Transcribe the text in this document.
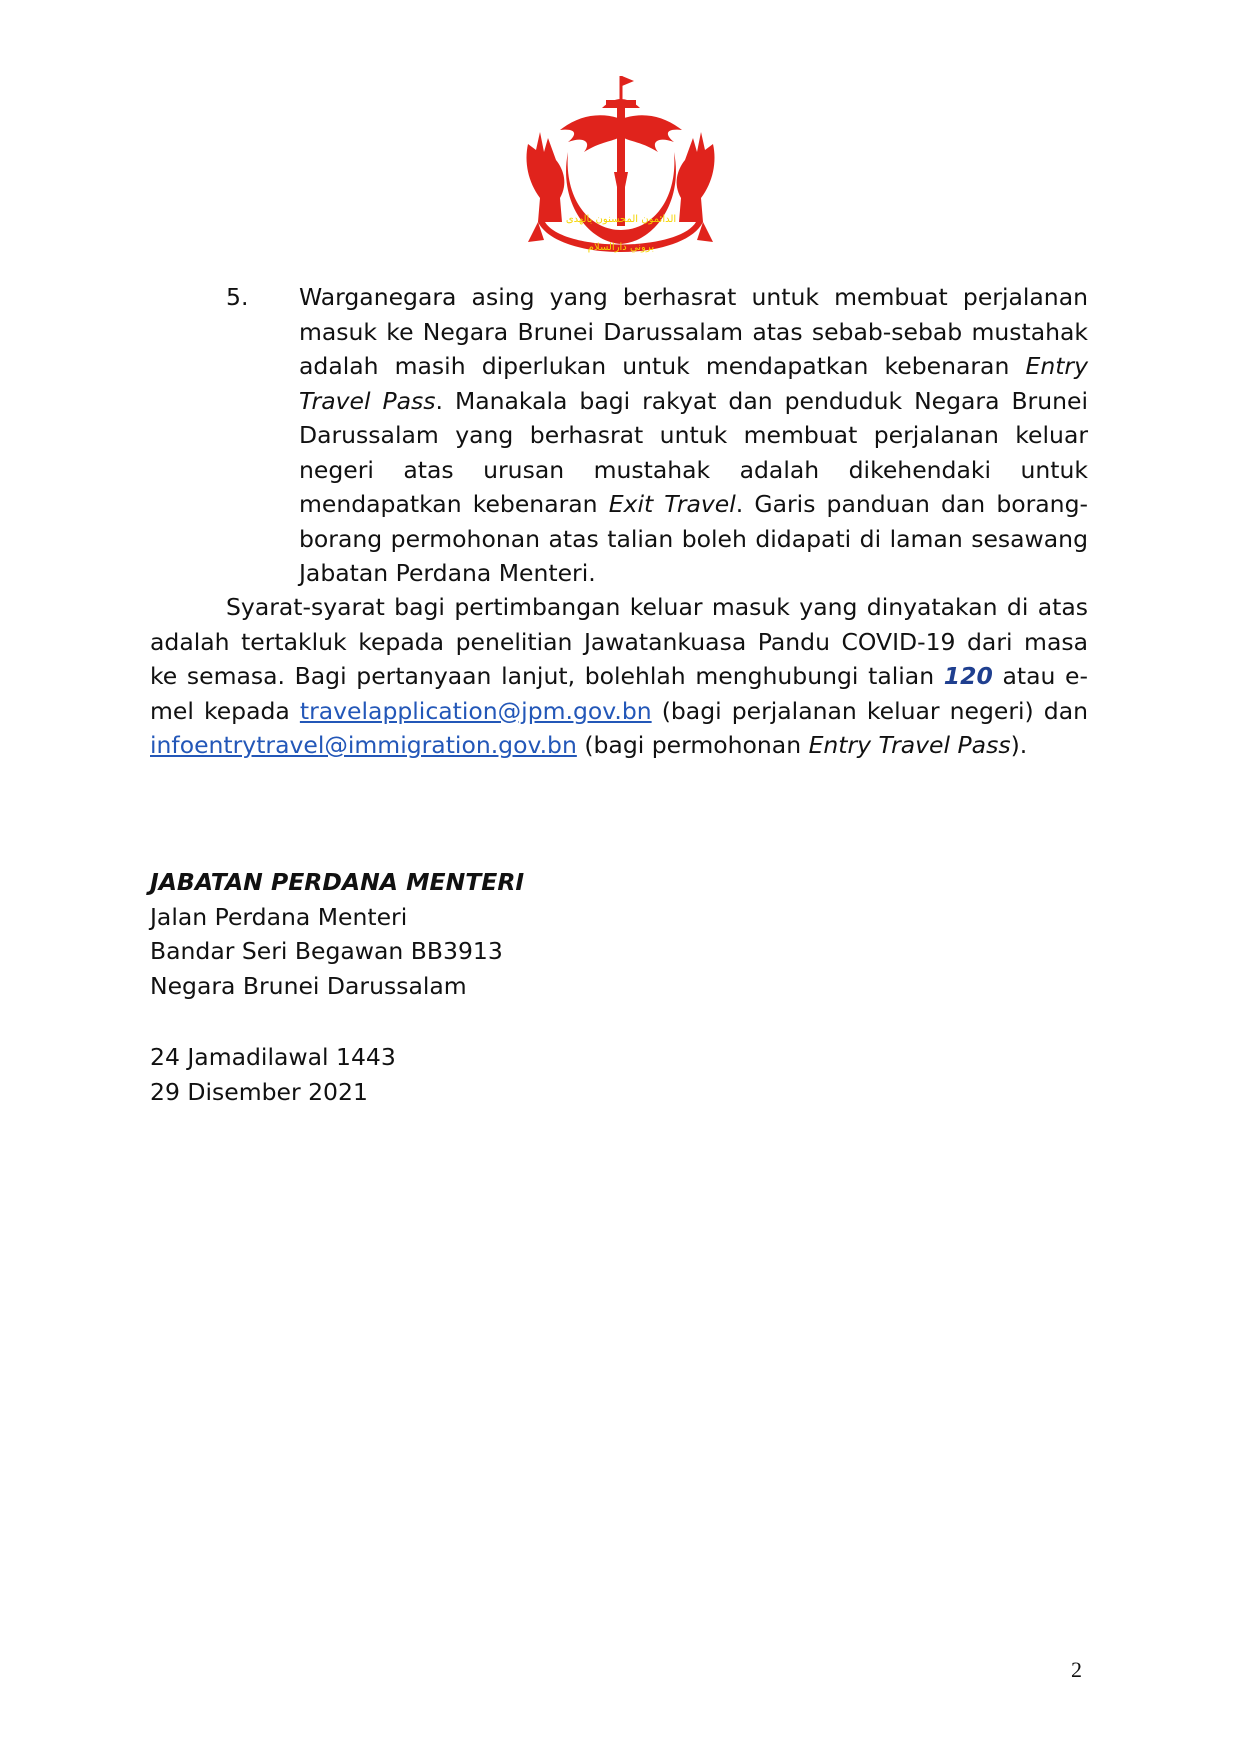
الدائمون المحسنون بالهدى
بروني دارالسلام
5. Warganegara asing yang berhasrat untuk membuat perjalanan masuk ke Negara Brunei Darussalam atas sebab-sebab mustahak adalah masih diperlukan untuk mendapatkan kebenaran Entry Travel Pass. Manakala bagi rakyat dan penduduk Negara Brunei Darussalam yang berhasrat untuk membuat perjalanan keluar negeri atas urusan mustahak adalah dikehendaki untuk mendapatkan kebenaran Exit Travel. Garis panduan dan borang-borang permohonan atas talian boleh didapati di laman sesawang Jabatan Perdana Menteri.
Syarat-syarat bagi pertimbangan keluar masuk yang dinyatakan di atas adalah tertakluk kepada penelitian Jawatankuasa Pandu COVID-19 dari masa ke semasa. Bagi pertanyaan lanjut, bolehlah menghubungi talian 120 atau e-mel kepada travelapplication@jpm.gov.bn (bagi perjalanan keluar negeri) dan infoentrytravel@immigration.gov.bn (bagi permohonan Entry Travel Pass).
JABATAN PERDANA MENTERI
Jalan Perdana Menteri
Bandar Seri Begawan BB3913
Negara Brunei Darussalam
24 Jamadilawal 1443
29 Disember 2021
2
